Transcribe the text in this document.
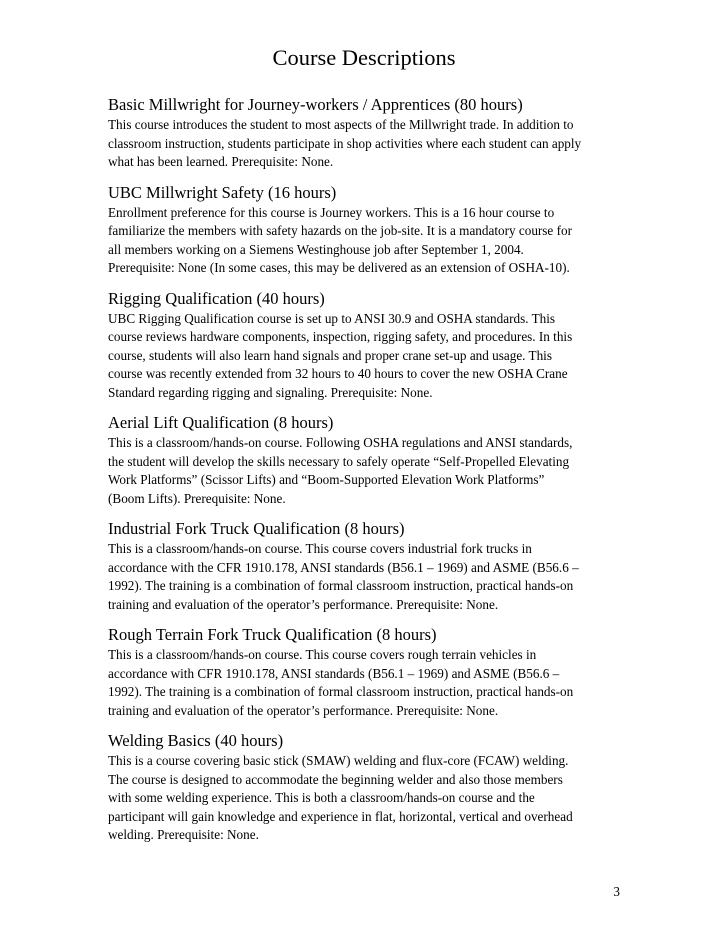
Course Descriptions
Basic Millwright for Journey-workers / Apprentices (80 hours)

This course introduces the student to most aspects of the Millwright trade. In addition to
classroom instruction, students participate in shop activities where each student can apply
what has been learned. Prerequisite: None.

UBC Millwright Safety (16 hours)

Enrollment preference for this course is Journey workers. This is a 16 hour course to
familiarize the members with safety hazards on the job-site. It is a mandatory course for
all members working on a Siemens Westinghouse job after September 1, 2004.
Prerequisite: None (In some cases, this may be delivered as an extension of OSHA-10).

Rigging Qualification (40 hours)

UBC Rigging Qualification course is set up to ANSI 30.9 and OSHA standards. This
course reviews hardware components, inspection, rigging safety, and procedures. In this
course, students will also learn hand signals and proper crane set-up and usage. This
course was recently extended from 32 hours to 40 hours to cover the new OSHA Crane
Standard regarding rigging and signaling. Prerequisite: None.

Aerial Lift Qualification (8 hours)

This is a classroom/hands-on course. Following OSHA regulations and ANSI standards,
the student will develop the skills necessary to safely operate “Self-Propelled Elevating
Work Platforms” (Scissor Lifts) and “Boom-Supported Elevation Work Platforms”
(Boom Lifts). Prerequisite: None.

Industrial Fork Truck Qualification (8 hours)

This is a classroom/hands-on course. This course covers industrial fork trucks in
accordance with the CFR 1910.178, ANSI standards (B56.1 – 1969) and ASME (B56.6 –
1992). The training is a combination of formal classroom instruction, practical hands-on
training and evaluation of the operator’s performance. Prerequisite: None.

Rough Terrain Fork Truck Qualification (8 hours)

This is a classroom/hands-on course. This course covers rough terrain vehicles in
accordance with CFR 1910.178, ANSI standards (B56.1 – 1969) and ASME (B56.6 –
1992). The training is a combination of formal classroom instruction, practical hands-on
training and evaluation of the operator’s performance. Prerequisite: None.

Welding Basics (40 hours)

This is a course covering basic stick (SMAW) welding and flux-core (FCAW) welding.
The course is designed to accommodate the beginning welder and also those members
with some welding experience. This is both a classroom/hands-on course and the
participant will gain knowledge and experience in flat, horizontal, vertical and overhead
welding. Prerequisite: None.

3
